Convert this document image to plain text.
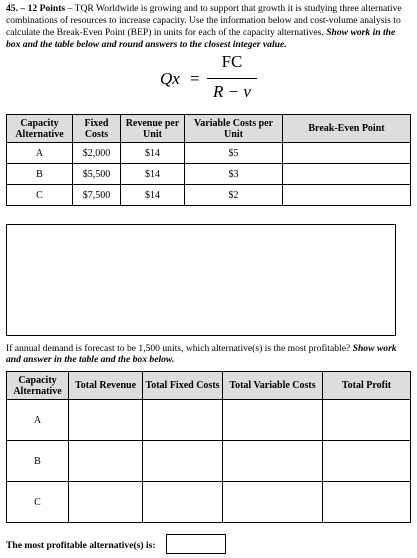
45. – 12 Points – TQR Worldwide is growing and to support that growth it is studying three alternative combinations of resources to increase capacity. Use the information below and cost-volume analysis to calculate the Break-Even Point (BEP) in units for each of the capacity alternatives. Show work in the box and the table below and round answers to the closest integer value.
Qx =
FC
R − v
Capacity Alternative	Fixed Costs	Revenue per Unit	Variable Costs per Unit	Break-Even Point
A	$2,000	$14	$5	
B	$5,500	$14	$3	
C	$7,500	$14	$2	
If annual demand is forecast to be 1,500 units, which alternative(s) is the most profitable? Show work and answer in the table and the box below.
Capacity Alternative	Total Revenue	Total Fixed Costs	Total Variable Costs	Total Profit
A				
B				
C				
The most profitable alternative(s) is:
